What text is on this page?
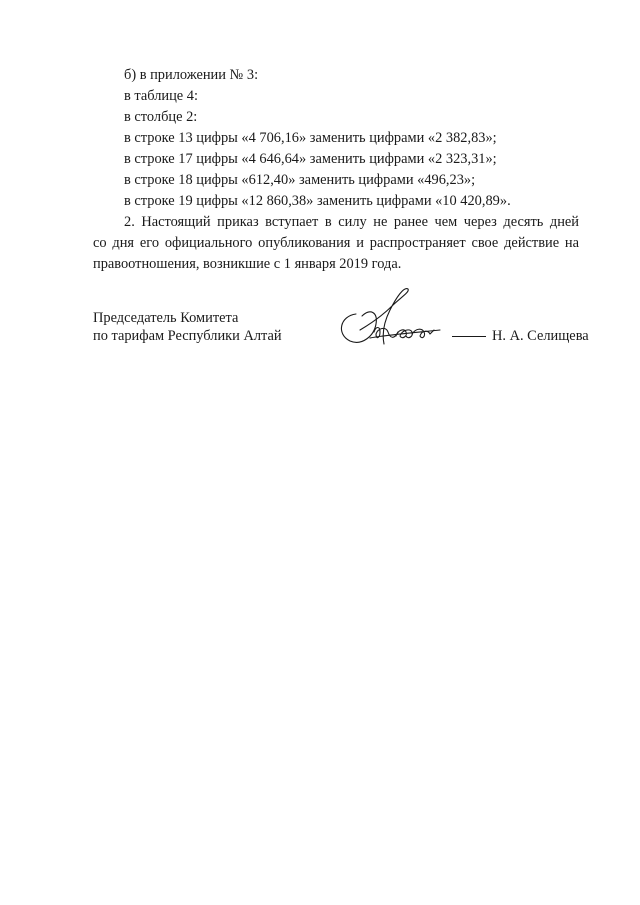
б) в приложении № 3:
в таблице 4:
в столбце 2:
в строке 13 цифры «4 706,16» заменить цифрами «2 382,83»;
в строке 17 цифры «4 646,64» заменить цифрами «2 323,31»;
в строке 18 цифры «612,40» заменить цифрами «496,23»;
в строке 19 цифры «12 860,38» заменить цифрами «10 420,89».
2. Настоящий приказ вступает в силу не ранее чем через десять дней
со дня его официального опубликования и распространяет свое действие на
правоотношения, возникшие с 1 января 2019 года.
Председатель Комитета
по тарифам Республики Алтай	Н. А. Селищева
